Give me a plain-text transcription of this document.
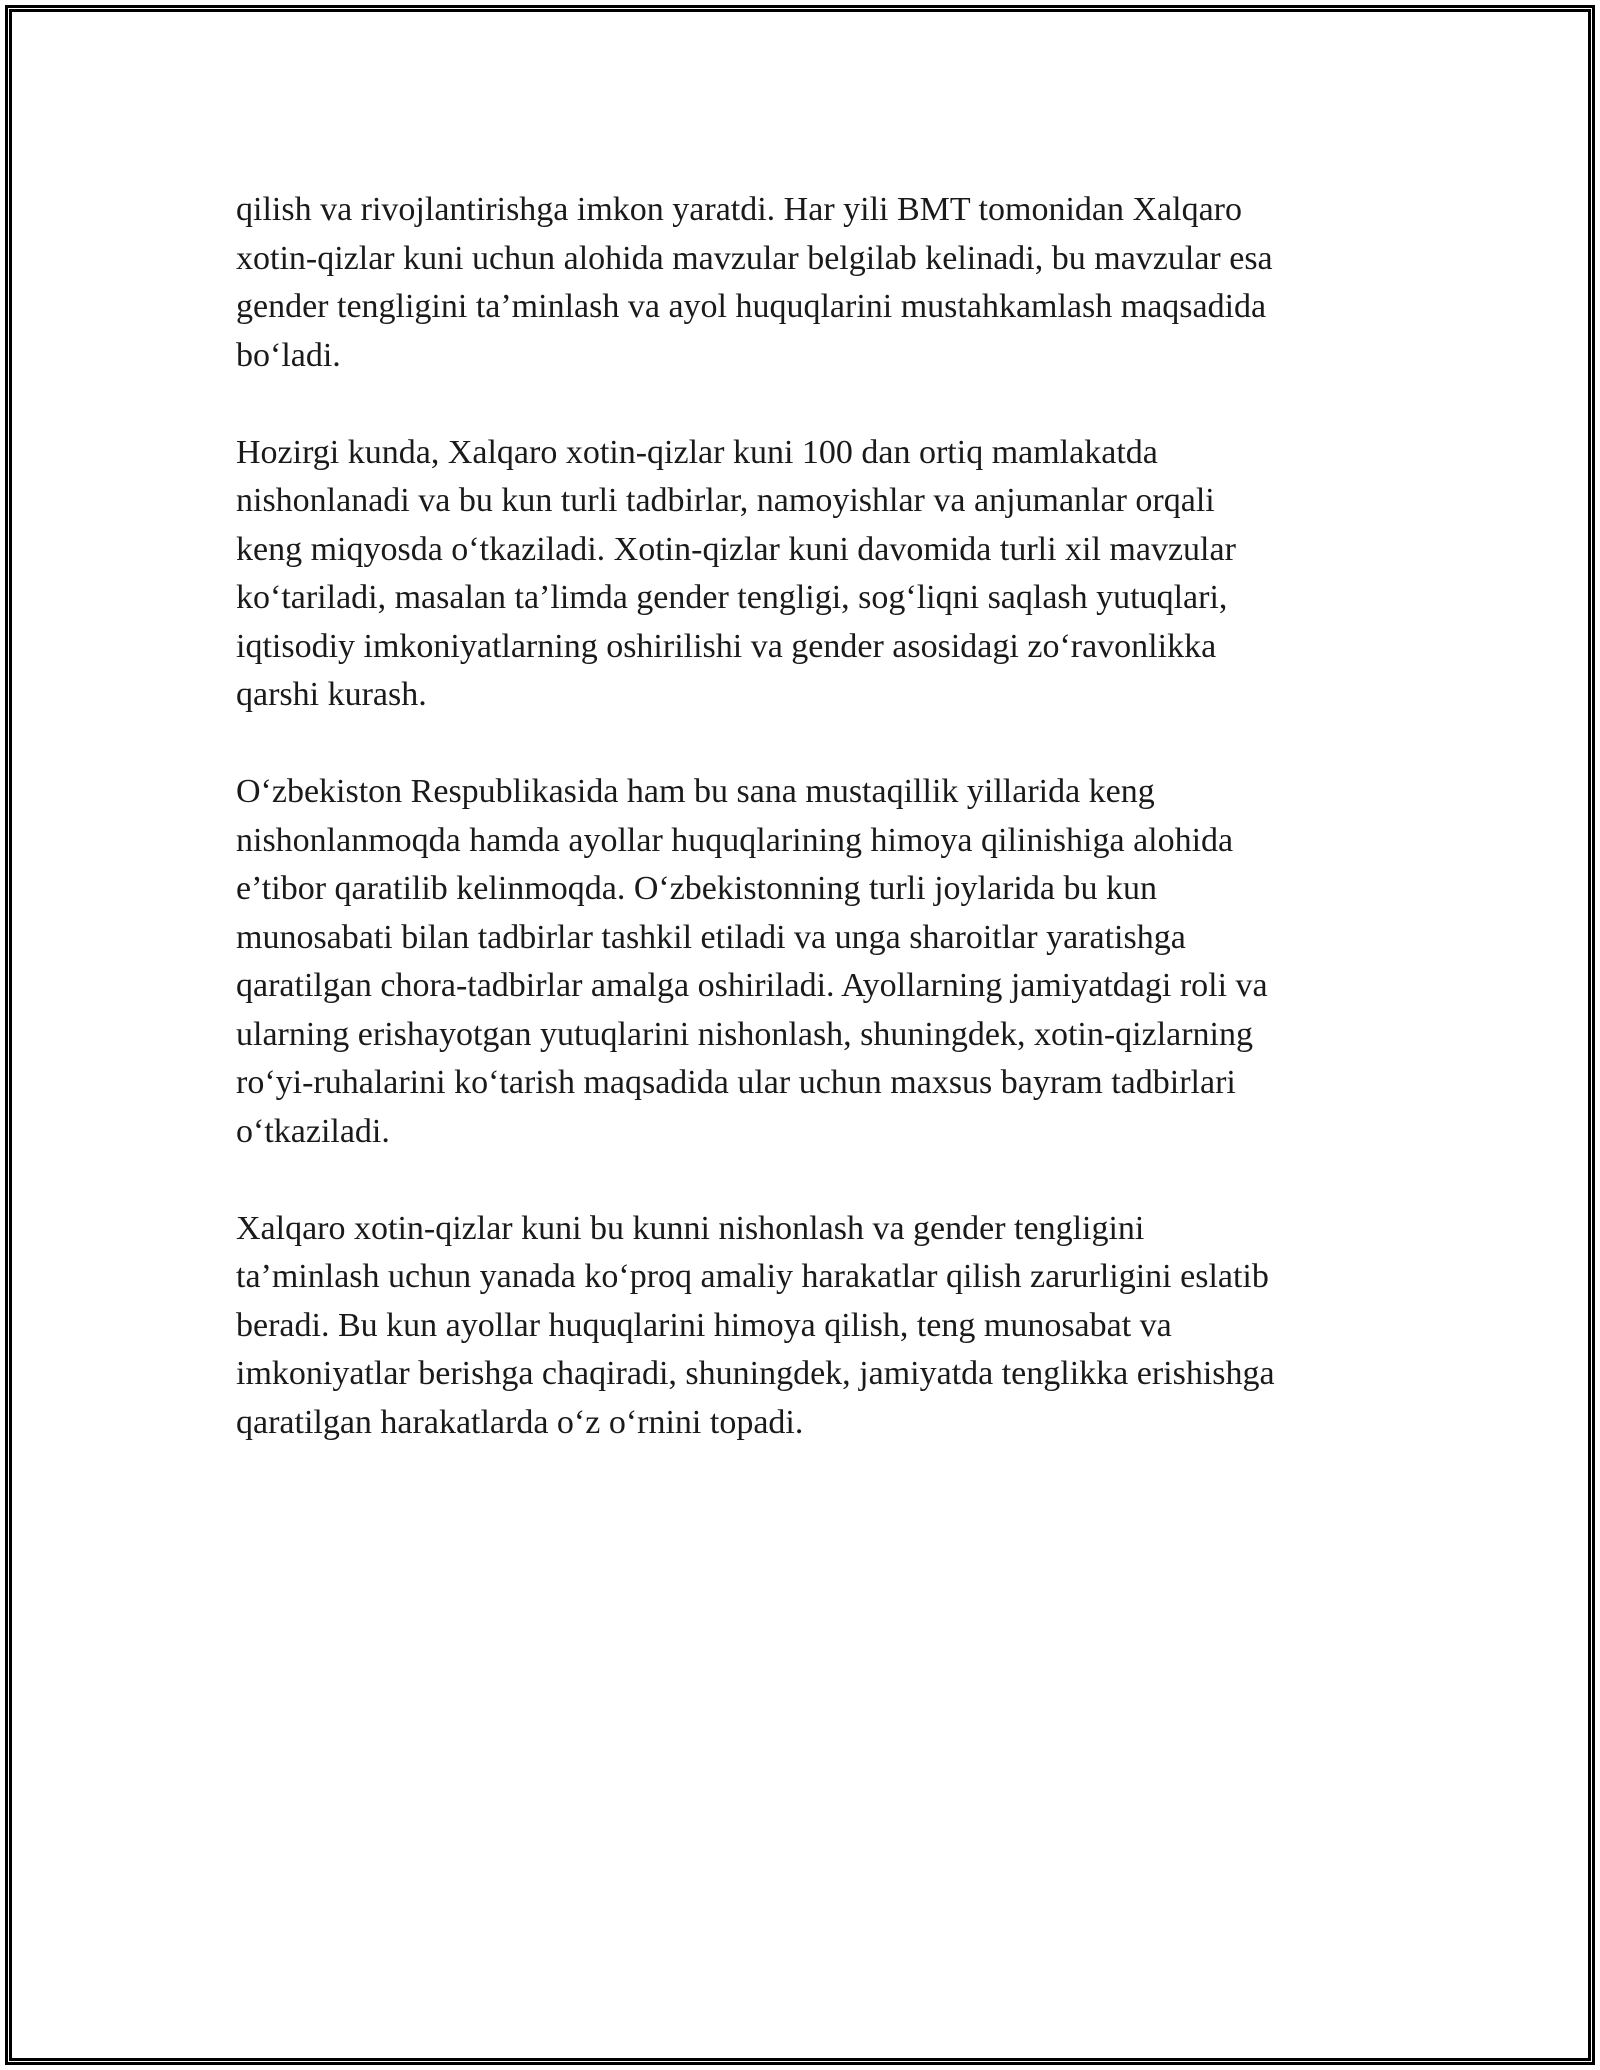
qilish va rivojlantirishga imkon yaratdi. Har yili BMT tomonidan Xalqaro
xotin-qizlar kuni uchun alohida mavzular belgilab kelinadi, bu mavzular esa
gender tengligini ta’minlash va ayol huquqlarini mustahkamlash maqsadida
bo‘ladi.

Hozirgi kunda, Xalqaro xotin-qizlar kuni 100 dan ortiq mamlakatda
nishonlanadi va bu kun turli tadbirlar, namoyishlar va anjumanlar orqali
keng miqyosda o‘tkaziladi. Xotin-qizlar kuni davomida turli xil mavzular
ko‘tariladi, masalan ta’limda gender tengligi, sog‘liqni saqlash yutuqlari,
iqtisodiy imkoniyatlarning oshirilishi va gender asosidagi zo‘ravonlikka
qarshi kurash.

O‘zbekiston Respublikasida ham bu sana mustaqillik yillarida keng
nishonlanmoqda hamda ayollar huquqlarining himoya qilinishiga alohida
e’tibor qaratilib kelinmoqda. O‘zbekistonning turli joylarida bu kun
munosabati bilan tadbirlar tashkil etiladi va unga sharoitlar yaratishga
qaratilgan chora-tadbirlar amalga oshiriladi. Ayollarning jamiyatdagi roli va
ularning erishayotgan yutuqlarini nishonlash, shuningdek, xotin-qizlarning
ro‘yi-ruhalarini ko‘tarish maqsadida ular uchun maxsus bayram tadbirlari
o‘tkaziladi.

Xalqaro xotin-qizlar kuni bu kunni nishonlash va gender tengligini
ta’minlash uchun yanada ko‘proq amaliy harakatlar qilish zarurligini eslatib
beradi. Bu kun ayollar huquqlarini himoya qilish, teng munosabat va
imkoniyatlar berishga chaqiradi, shuningdek, jamiyatda tenglikka erishishga
qaratilgan harakatlarda o‘z o‘rnini topadi.
